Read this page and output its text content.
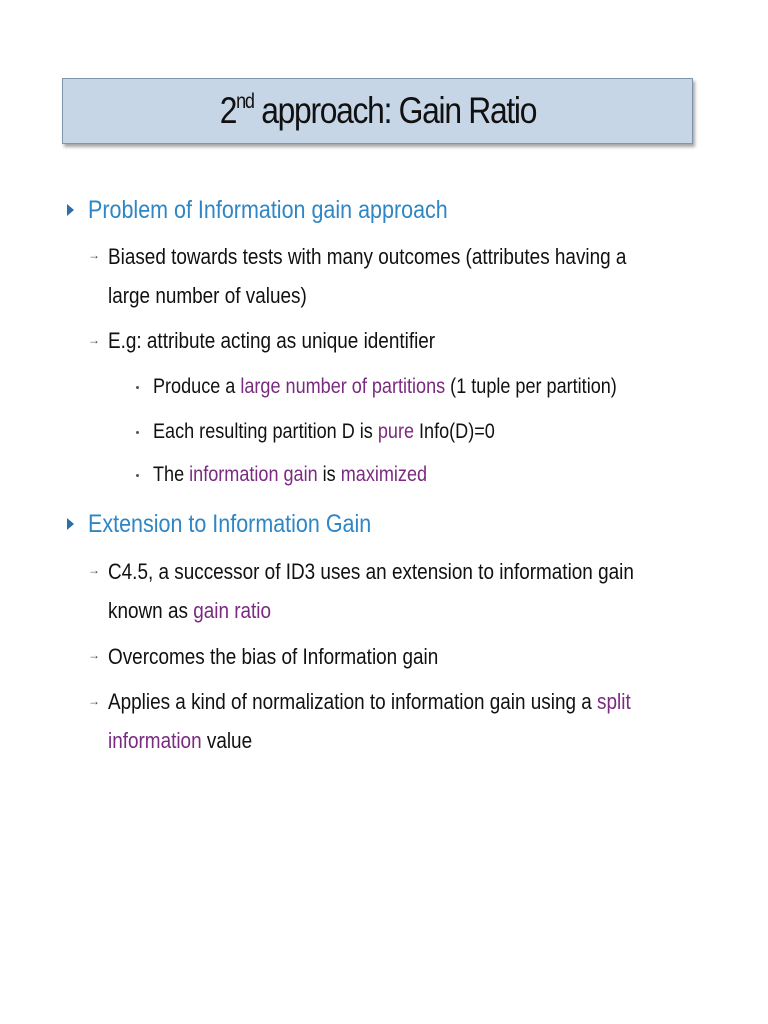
2nd approach: Gain Ratio
Problem of Information gain approach
→ Biased towards tests with many outcomes (attributes having a
large number of values)
→ E.g: attribute acting as unique identifier
Produce a large number of partitions (1 tuple per partition)
Each resulting partition D is pure Info(D)=0
The information gain is maximized
Extension to Information Gain
→ C4.5, a successor of ID3 uses an extension to information gain
known as gain ratio
→ Overcomes the bias of Information gain
→ Applies a kind of normalization to information gain using a split
information value
